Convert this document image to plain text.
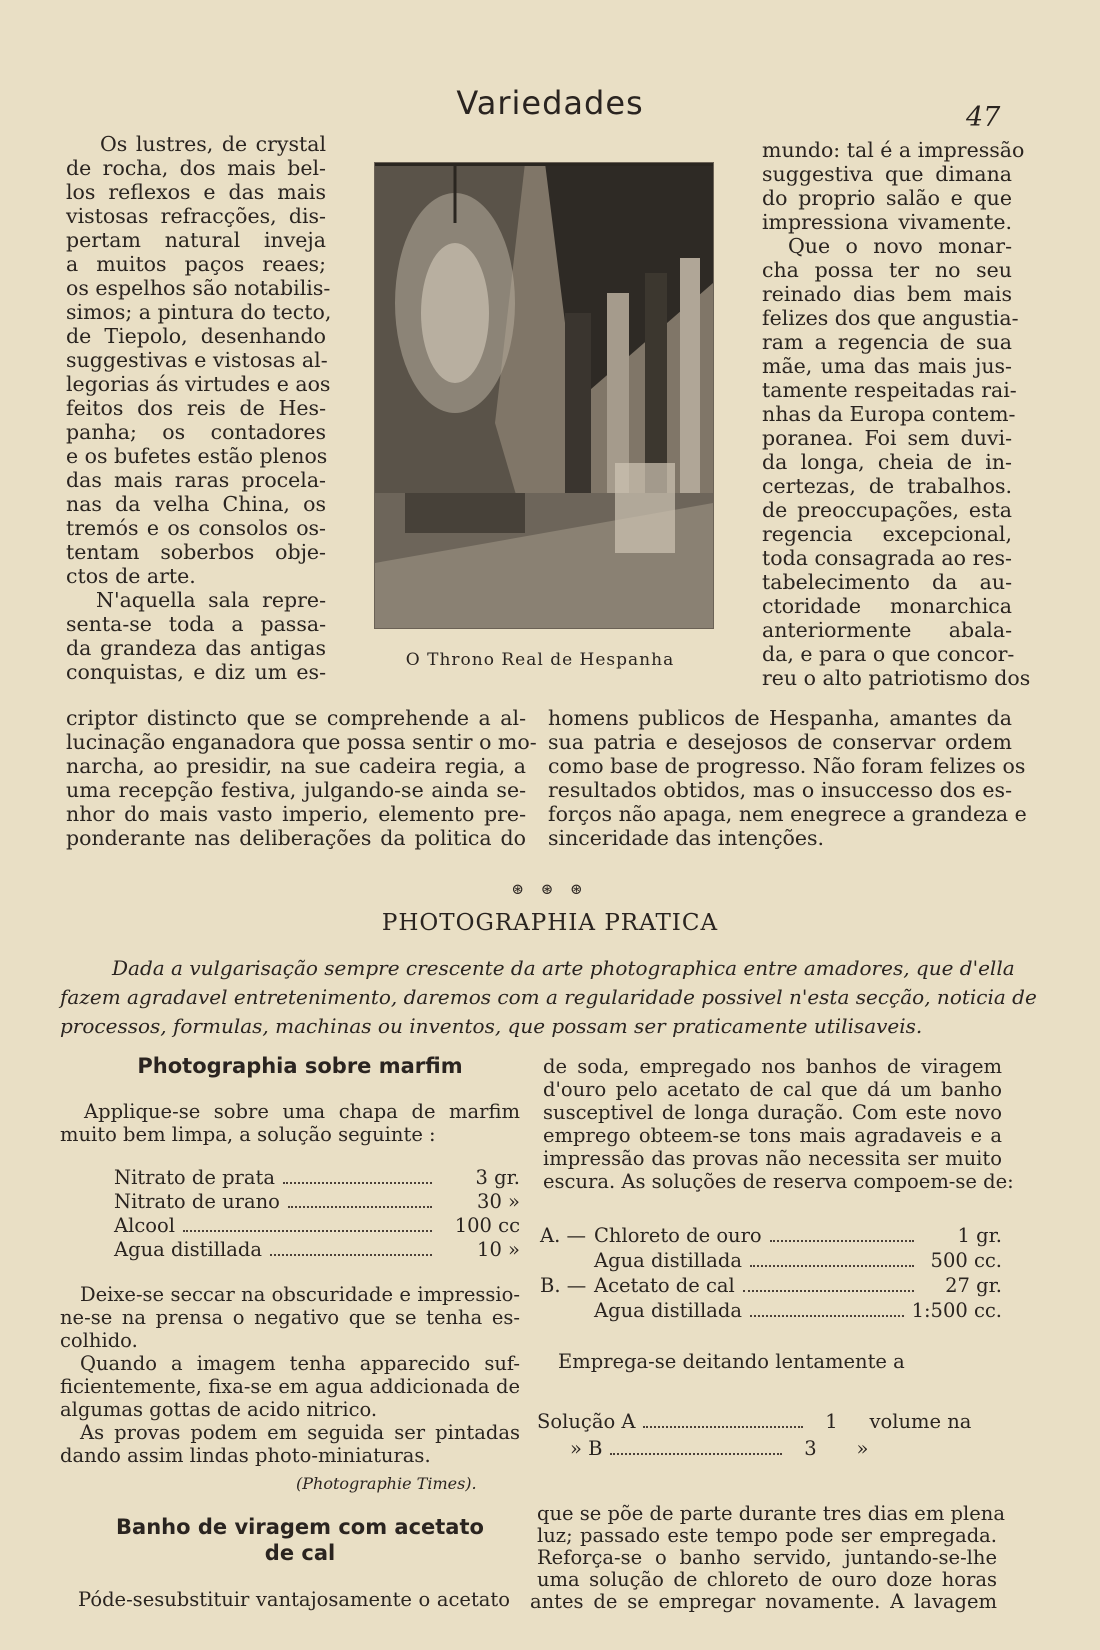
Variedades	47
O Throno Real de Hespanha
Os lustres, de crystal
de rocha, dos mais bel-
los reflexos e das mais
vistosas refracções, dis-
pertam natural inveja
a muitos paços reaes;
os espelhos são notabilis-
simos; a pintura do tecto,
de Tiepolo, desenhando
suggestivas e vistosas al-
legorias ás virtudes e aos
feitos dos reis de Hes-
panha; os contadores
e os bufetes estão plenos
das mais raras procela-
nas da velha China, os
tremós e os consolos os-
tentam soberbos obje-
ctos de arte.
N'aquella sala repre-
senta-se toda a passa-
da grandeza das antigas
conquistas, e diz um es-
mundo: tal é a impressão
suggestiva que dimana
do proprio salão e que
impressiona vivamente.
Que o novo monar-
cha possa ter no seu
reinado dias bem mais
felizes dos que angustia-
ram a regencia de sua
mãe, uma das mais jus-
tamente respeitadas rai-
nhas da Europa contem-
poranea. Foi sem duvi-
da longa, cheia de in-
certezas, de trabalhos.
de preoccupações, esta
regencia excepcional,
toda consagrada ao res-
tabelecimento da au-
ctoridade monarchica
anteriormente abala-
da, e para o que concor-
reu o alto patriotismo dos
criptor distincto que se comprehende a al-
lucinação enganadora que possa sentir o mo-
narcha, ao presidir, na sue cadeira regia, a
uma recepção festiva, julgando-se ainda se-
nhor do mais vasto imperio, elemento pre-
ponderante nas deliberações da politica do
homens publicos de Hespanha, amantes da
sua patria e desejosos de conservar ordem
como base de progresso. Não foram felizes os
resultados obtidos, mas o insuccesso dos es-
forços não apaga, nem enegrece a grandeza e
sinceridade das intenções.
⊛ ⊛ ⊛
PHOTOGRAPHIA PRATICA
Dada a vulgarisação sempre crescente da arte photographica entre amadores, que d'ella
fazem agradavel entretenimento, daremos com a regularidade possivel n'esta secção, noticia de
processos, formulas, machinas ou inventos, que possam ser praticamente utilisaveis.
Photographia sobre marfim
Applique-se sobre uma chapa de marfim
muito bem limpa, a solução seguinte :
Nitrato de prata	3 gr.
Nitrato de urano	30 »
Alcool	100 cc
Agua distillada	10 »
Deixe-se seccar na obscuridade e impressio-
ne-se na prensa o negativo que se tenha es-
colhido.
Quando a imagem tenha apparecido suf-
ficientemente, fixa-se em agua addicionada de
algumas gottas de acido nitrico.
As provas podem em seguida ser pintadas
dando assim lindas photo-miniaturas.
(Photographie Times).
Banho de viragem com acetato
de cal
Póde-sesubstituir vantajosamente o acetato
de soda, empregado nos banhos de viragem
d'ouro pelo acetato de cal que dá um banho
susceptivel de longa duração. Com este novo
emprego obteem-se tons mais agradaveis e a
impressão das provas não necessita ser muito
escura. As soluções de reserva compoem-se de:
A. — Chloreto de ouro	1 gr.
Agua distillada	500 cc.
B. — Acetato de cal	27 gr.
Agua distillada	1:500 cc.
Emprega-se deitando lentamente a
Solução A	1	volume na
» B	3	»
que se põe de parte durante tres dias em plena
luz; passado este tempo pode ser empregada.
Reforça-se o banho servido, juntando-se-lhe
uma solução de chloreto de ouro doze horas
antes de se empregar novamente. A lavagem
